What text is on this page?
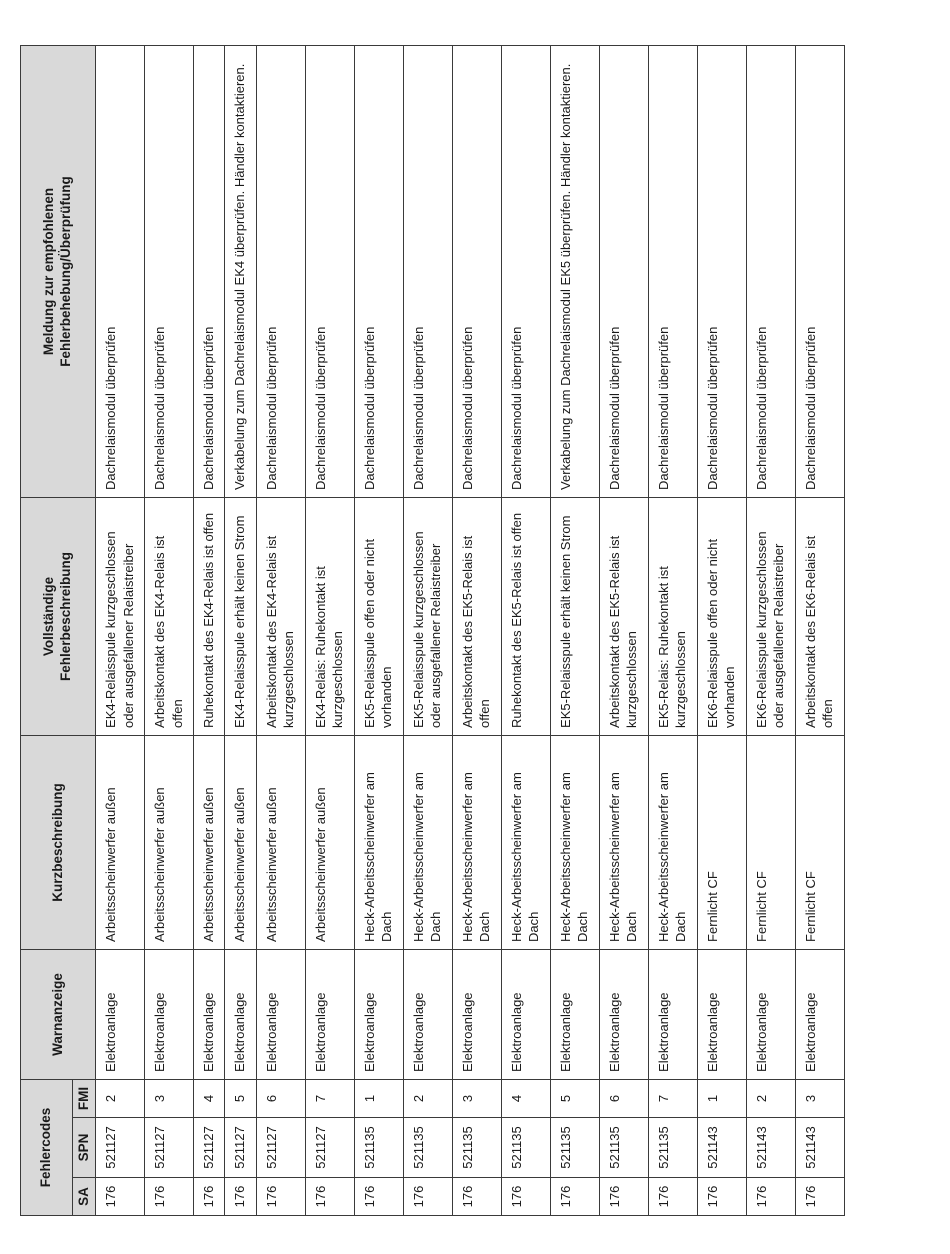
Fehlercodes			Warnanzeige	Kurzbeschreibung	Vollständige Fehlerbeschreibung	Meldung zur empfohlenen Fehlerbehebung/Überprüfung
SA	SPN	FMI				
176	521127	2	Elektroanlage	Arbeitsscheinwerfer außen	EK4-Relaisspule kurzgeschlossen oder ausgefallener Relaistreiber	Dachrelaismodul überprüfen
176	521127	3	Elektroanlage	Arbeitsscheinwerfer außen	Arbeitskontakt des EK4-Relais ist offen	Dachrelaismodul überprüfen
176	521127	4	Elektroanlage	Arbeitsscheinwerfer außen	Ruhekontakt des EK4-Relais ist offen	Dachrelaismodul überprüfen
176	521127	5	Elektroanlage	Arbeitsscheinwerfer außen	EK4-Relaisspule erhält keinen Strom	Verkabelung zum Dachrelaismodul EK4 überprüfen. Händler kontaktieren.
176	521127	6	Elektroanlage	Arbeitsscheinwerfer außen	Arbeitskontakt des EK4-Relais ist kurzgeschlossen	Dachrelaismodul überprüfen
176	521127	7	Elektroanlage	Arbeitsscheinwerfer außen	EK4-Relais: Ruhekontakt ist kurzgeschlossen	Dachrelaismodul überprüfen
176	521135	1	Elektroanlage	Heck-Arbeitsscheinwerfer am Dach	EK5-Relaisspule offen oder nicht vorhanden	Dachrelaismodul überprüfen
176	521135	2	Elektroanlage	Heck-Arbeitsscheinwerfer am Dach	EK5-Relaisspule kurzgeschlossen oder ausgefallener Relaistreiber	Dachrelaismodul überprüfen
176	521135	3	Elektroanlage	Heck-Arbeitsscheinwerfer am Dach	Arbeitskontakt des EK5-Relais ist offen	Dachrelaismodul überprüfen
176	521135	4	Elektroanlage	Heck-Arbeitsscheinwerfer am Dach	Ruhekontakt des EK5-Relais ist offen	Dachrelaismodul überprüfen
176	521135	5	Elektroanlage	Heck-Arbeitsscheinwerfer am Dach	EK5-Relaisspule erhält keinen Strom	Verkabelung zum Dachrelaismodul EK5 überprüfen. Händler kontaktieren.
176	521135	6	Elektroanlage	Heck-Arbeitsscheinwerfer am Dach	Arbeitskontakt des EK5-Relais ist kurzgeschlossen	Dachrelaismodul überprüfen
176	521135	7	Elektroanlage	Heck-Arbeitsscheinwerfer am Dach	EK5-Relais: Ruhekontakt ist kurzgeschlossen	Dachrelaismodul überprüfen
176	521143	1	Elektroanlage	Fernlicht CF	EK6-Relaisspule offen oder nicht vorhanden	Dachrelaismodul überprüfen
176	521143	2	Elektroanlage	Fernlicht CF	EK6-Relaisspule kurzgeschlossen oder ausgefallener Relaistreiber	Dachrelaismodul überprüfen
176	521143	3	Elektroanlage	Fernlicht CF	Arbeitskontakt des EK6-Relais ist offen	Dachrelaismodul überprüfen
